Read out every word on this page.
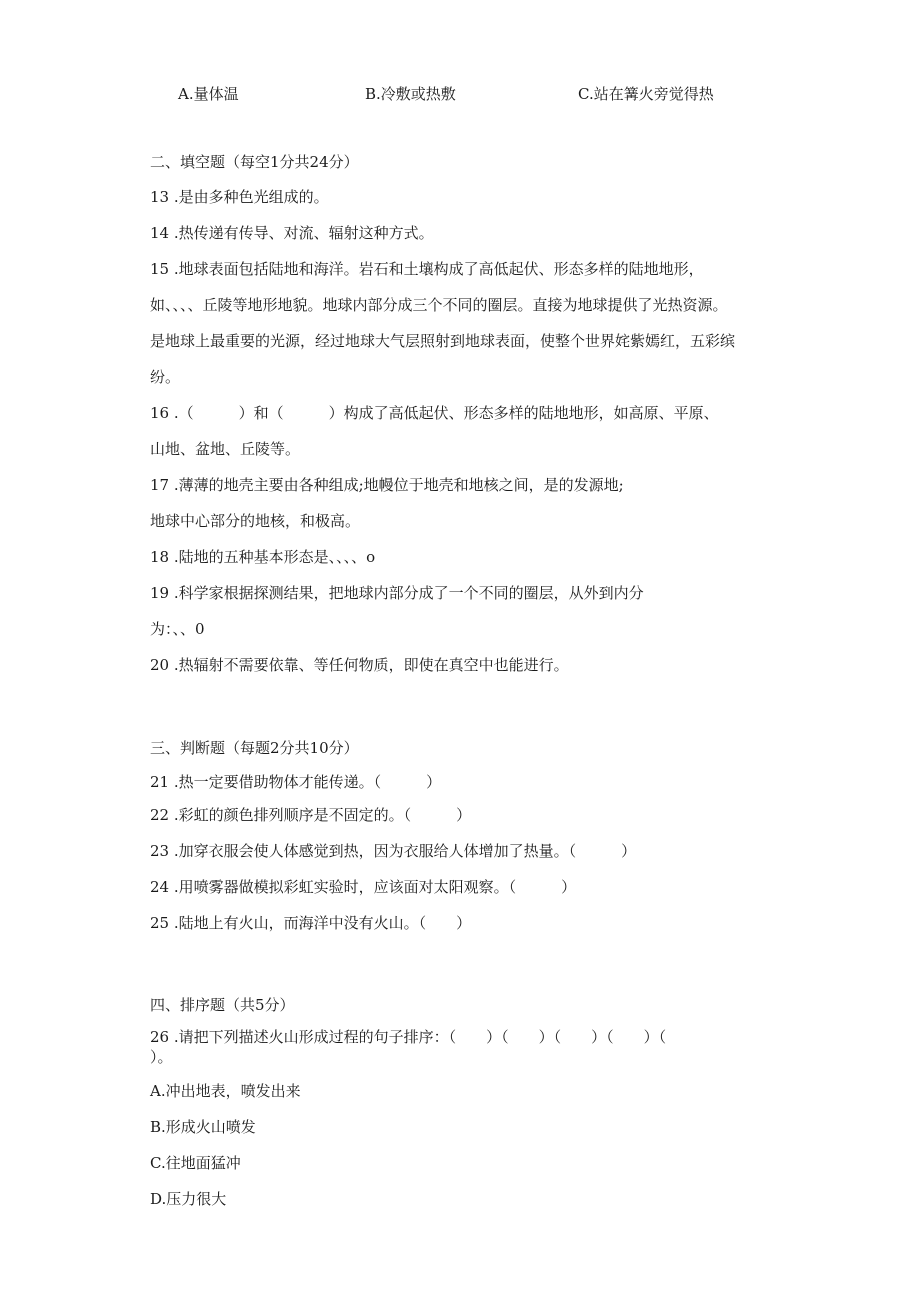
A.量体温	B.冷敷或热敷	C.站在篝火旁觉得热
二、填空题（每空1分共24分）
13 .是由多种色光组成的。
14 .热传递有传导、对流、辐射这种方式。
15 .地球表面包括陆地和海洋。岩石和土壤构成了高低起伏、形态多样的陆地地形，
如、、、、丘陵等地形地貌。地球内部分成三个不同的圈层。直接为地球提供了光热资源。
是地球上最重要的光源，经过地球大气层照射到地球表面，使整个世界姹紫嫣红，五彩缤
纷。
16 .（　　　）和（　　　）构成了高低起伏、形态多样的陆地地形，如高原、平原、
山地、盆地、丘陵等。
17 .薄薄的地壳主要由各种组成;地幔位于地壳和地核之间，是的发源地;
地球中心部分的地核，和极高。
18 .陆地的五种基本形态是、、、、o
19 .科学家根据探测结果，把地球内部分成了一个不同的圈层，从外到内分
为：、、0
20 .热辐射不需要依靠、等任何物质，即使在真空中也能进行。
三、判断题（每题2分共10分）
21 .热一定要借助物体才能传递。（　　　）
22 .彩虹的颜色排列顺序是不固定的。（　　　）
23 .加穿衣服会使人体感觉到热，因为衣服给人体增加了热量。（　　　）
24 .用喷雾器做模拟彩虹实验时，应该面对太阳观察。（　　　）
25 .陆地上有火山，而海洋中没有火山。（　　）
四、排序题（共5分）
26 .请把下列描述火山形成过程的句子排序：（　　）（　　）（　　）（　　）（
）。
A.冲出地表，喷发出来
B.形成火山喷发
C.往地面猛冲
D.压力很大
